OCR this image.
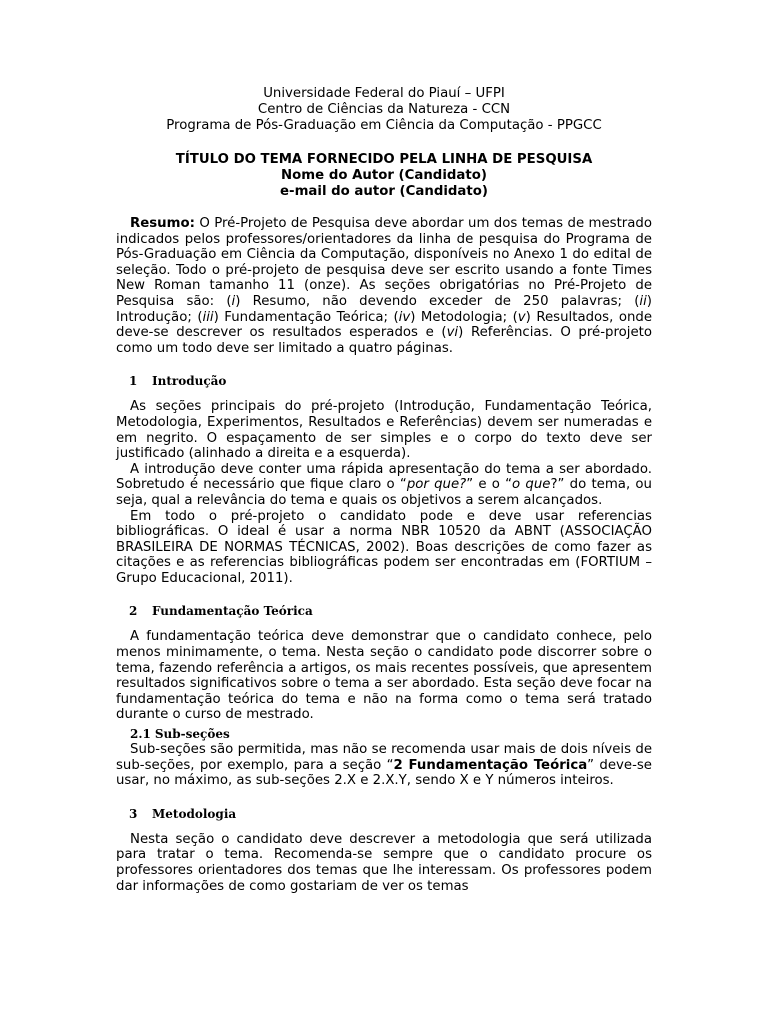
Universidade Federal do Piauí – UFPI
Centro de Ciências da Natureza - CCN
Programa de Pós-Graduação em Ciência da Computação - PPGCC
TÍTULO DO TEMA FORNECIDO PELA LINHA DE PESQUISA
Nome do Autor (Candidato)
e-mail do autor (Candidato)

Resumo: O Pré-Projeto de Pesquisa deve abordar um dos temas de mestrado indicados pelos professores/orientadores da linha de pesquisa do Programa de Pós-Graduação em Ciência da Computação, disponíveis no Anexo 1 do edital de seleção. Todo o pré-projeto de pesquisa deve ser escrito usando a fonte Times New Roman tamanho 11 (onze). As seções obrigatórias no Pré-Projeto de Pesquisa são: (i) Resumo, não devendo exceder de 250 palavras; (ii) Introdução; (iii) Fundamentação Teórica; (iv) Metodologia; (v) Resultados, onde deve-se descrever os resultados esperados e (vi) Referências. O pré-projeto como um todo deve ser limitado a quatro páginas.

1 Introdução

As seções principais do pré-projeto (Introdução, Fundamentação Teórica, Metodologia, Experimentos, Resultados e Referências) devem ser numeradas e em negrito. O espaçamento de ser simples e o corpo do texto deve ser justificado (alinhado a direita e a esquerda).

A introdução deve conter uma rápida apresentação do tema a ser abordado. Sobretudo é necessário que fique claro o “por que?” e o “o que?” do tema, ou seja, qual a relevância do tema e quais os objetivos a serem alcançados.

Em todo o pré-projeto o candidato pode e deve usar referencias bibliográficas. O ideal é usar a norma NBR 10520 da ABNT (ASSOCIAÇÃO BRASILEIRA DE NORMAS TÉCNICAS, 2002). Boas descrições de como fazer as citações e as referencias bibliográficas podem ser encontradas em (FORTIUM – Grupo Educacional, 2011).

2 Fundamentação Teórica

A fundamentação teórica deve demonstrar que o candidato conhece, pelo menos minimamente, o tema. Nesta seção o candidato pode discorrer sobre o tema, fazendo referência a artigos, os mais recentes possíveis, que apresentem resultados significativos sobre o tema a ser abordado. Esta seção deve focar na fundamentação teórica do tema e não na forma como o tema será tratado durante o curso de mestrado.

2.1 Sub-seções

Sub-seções são permitida, mas não se recomenda usar mais de dois níveis de sub-seções, por exemplo, para a seção “2 Fundamentação Teórica” deve-se usar, no máximo, as sub-seções 2.X e 2.X.Y, sendo X e Y números inteiros.

3 Metodologia

Nesta seção o candidato deve descrever a metodologia que será utilizada para tratar o tema. Recomenda-se sempre que o candidato procure os professores orientadores dos temas que lhe interessam. Os professores podem dar informações de como gostariam de ver os temas
